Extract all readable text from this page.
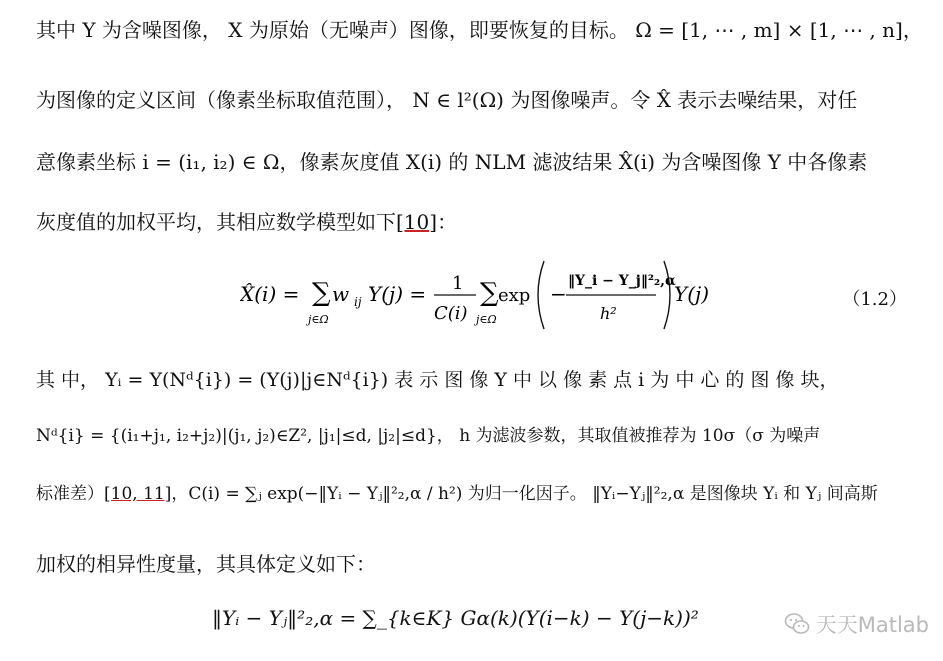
其中 Y 为含噪图像， X 为原始（无噪声）图像，即要恢复的目标。 Ω = [1, ⋯ , m] × [1, ⋯ , n]，
为图像的定义区间（像素坐标取值范围）， N ∈ l²(Ω) 为图像噪声。令 X̂ 表示去噪结果，对任
意像素坐标 i = (i₁, i₂) ∈ Ω，像素灰度值 X(i) 的 NLM 滤波结果 X̂(i) 为含噪图像 Y 中各像素
灰度值的加权平均，其相应数学模型如下[10]：
X̂(i) = ∑
j∈Ω
w ij Y(j) = 1
C(i)
∑
j∈Ω
exp −
‖Y_i − Y_j‖²₂,α
h²
Y(j)	（1.2）
其 中， Yᵢ = Y(Nᵈ{i}) = (Y(j)|j∈Nᵈ{i}) 表 示 图 像 Y 中 以 像 素 点 i 为 中 心 的 图 像 块，
Nᵈ{i} = {(i₁+j₁, i₂+j₂)|(j₁, j₂)∈Z², |j₁|≤d, |j₂|≤d}， h 为滤波参数，其取值被推荐为 10σ（σ 为噪声
标准差）[10, 11]，C(i) = ∑ⱼ exp(−‖Yᵢ − Yⱼ‖²₂,α / h²) 为归一化因子。 ‖Yᵢ−Yⱼ‖²₂,α 是图像块 Yᵢ 和 Yⱼ 间高斯
加权的相异性度量，其具体定义如下：
‖Yᵢ − Yⱼ‖²₂,α = ∑_{k∈K} Gα(k)(Y(i−k) − Y(j−k))²	天天Matlab
